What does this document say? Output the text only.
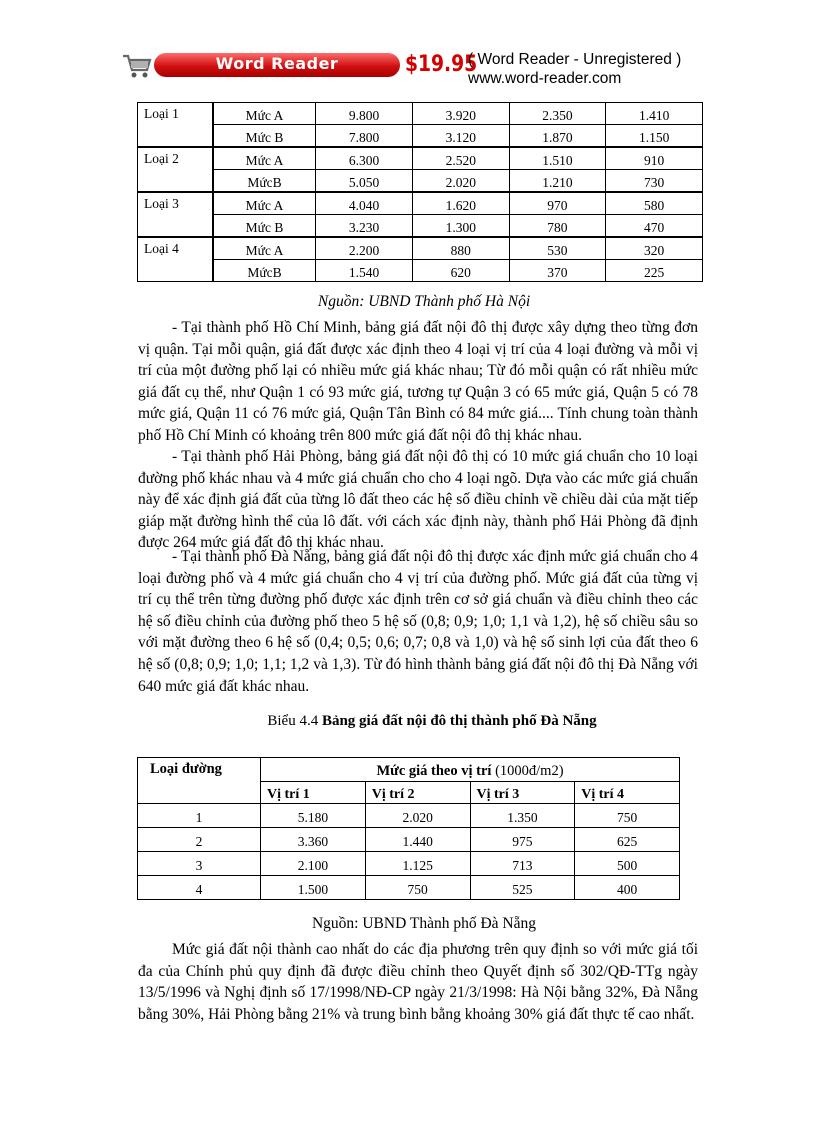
Word Reader	$19.95
( Word Reader - Unregistered )
www.word-reader.com
Loại 1	Mức A	9.800	3.920	2.350	1.410
	Mức B	7.800	3.120	1.870	1.150
Loại 2	Mức A	6.300	2.520	1.510	910
	MứcB	5.050	2.020	1.210	730
Loại 3	Mức A	4.040	1.620	970	580
	Mức B	3.230	1.300	780	470
Loại 4	Mức A	2.200	880	530	320
	MứcB	1.540	620	370	225
Nguồn: UBND Thành phố Hà Nội

- Tại thành phố Hồ Chí Minh, bảng giá đất nội đô thị được xây dựng theo từng đơn vị quận. Tại mỗi quận, giá đất được xác định theo 4 loại vị trí của 4 loại đường và mỗi vị trí của một đường phố lại có nhiều mức giá khác nhau; Từ đó mỗi quận có rất nhiều mức giá đất cụ thể, như Quận 1 có 93 mức giá, tương tự Quận 3 có 65 mức giá, Quận 5 có 78 mức giá, Quận 11 có 76 mức giá, Quận Tân Bình có 84 mức giá.... Tính chung toàn thành phố Hồ Chí Minh có khoảng trên 800 mức giá đất nội đô thị khác nhau.

- Tại thành phố Hải Phòng, bảng giá đất nội đô thị có 10 mức giá chuẩn cho 10 loại đường phố khác nhau và 4 mức giá chuẩn cho cho 4 loại ngõ. Dựa vào các mức giá chuẩn này để xác định giá đất của từng lô đất theo các hệ số điều chỉnh về chiều dài của mặt tiếp giáp mặt đường hình thể của lô đất. với cách xác định này, thành phố Hải Phòng đã định được 264 mức giá đất đô thị khác nhau.

- Tại thành phố Đà Nẵng, bảng giá đất nội đô thị được xác định mức giá chuẩn cho 4 loại đường phố và 4 mức giá chuẩn cho 4 vị trí của đường phố. Mức giá đất của từng vị trí cụ thể trên từng đường phố được xác định trên cơ sở giá chuẩn và điều chỉnh theo các hệ số điều chỉnh của đường phố theo 5 hệ số (0,8; 0,9; 1,0; 1,1 và 1,2), hệ số chiều sâu so với mặt đường theo 6 hệ số (0,4; 0,5; 0,6; 0,7; 0,8 và 1,0) và hệ số sinh lợi của đất theo 6 hệ số (0,8; 0,9; 1,0; 1,1; 1,2 và 1,3). Từ đó hình thành bảng giá đất nội đô thị Đà Nẵng với 640 mức giá đất khác nhau.

Biểu 4.4 Bảng giá đất nội đô thị thành phố Đà Nẵng
Loại đường	Mức giá theo vị trí (1000đ/m2)			
	Vị trí 1	Vị trí 2	Vị trí 3	Vị trí 4
1	5.180	2.020	1.350	750
2	3.360	1.440	975	625
3	2.100	1.125	713	500
4	1.500	750	525	400
Nguồn: UBND Thành phố Đà Nẵng

Mức giá đất nội thành cao nhất do các địa phương trên quy định so với mức giá tối đa của Chính phủ quy định đã được điều chỉnh theo Quyết định số 302/QĐ-TTg ngày 13/5/1996 và Nghị định số 17/1998/NĐ-CP ngày 21/3/1998: Hà Nội bằng 32%, Đà Nẵng bằng 30%, Hải Phòng bằng 21% và trung bình bằng khoảng 30% giá đất thực tế cao nhất.
